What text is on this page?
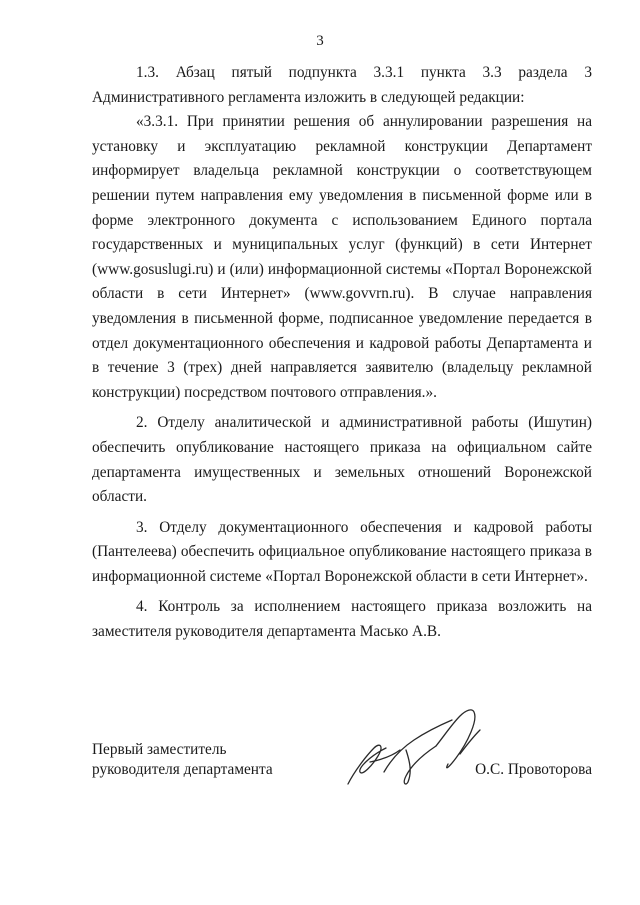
3

1.3. Абзац пятый подпункта 3.3.1 пункта 3.3 раздела 3 Административного регламента изложить в следующей редакции:

«3.3.1. При принятии решения об аннулировании разрешения на установку и эксплуатацию рекламной конструкции Департамент информирует владельца рекламной конструкции о соответствующем решении путем направления ему уведомления в письменной форме или в форме электронного документа с использованием Единого портала государственных и муниципальных услуг (функций) в сети Интернет (www.gosuslugi.ru) и (или) информационной системы «Портал Воронежской области в сети Интернет» (www.govvrn.ru). В случае направления уведомления в письменной форме, подписанное уведомление передается в отдел документационного обеспечения и кадровой работы Департамента и в течение 3 (трех) дней направляется заявителю (владельцу рекламной конструкции) посредством почтового отправления.».

2. Отделу аналитической и административной работы (Ишутин) обеспечить опубликование настоящего приказа на официальном сайте департамента имущественных и земельных отношений Воронежской области.

3. Отделу документационного обеспечения и кадровой работы (Пантелеева) обеспечить официальное опубликование настоящего приказа в информационной системе «Портал Воронежской области в сети Интернет».

4. Контроль за исполнением настоящего приказа возложить на заместителя руководителя департамента Масько А.В.

Первый заместитель
руководителя департамента	О.С. Провоторова
